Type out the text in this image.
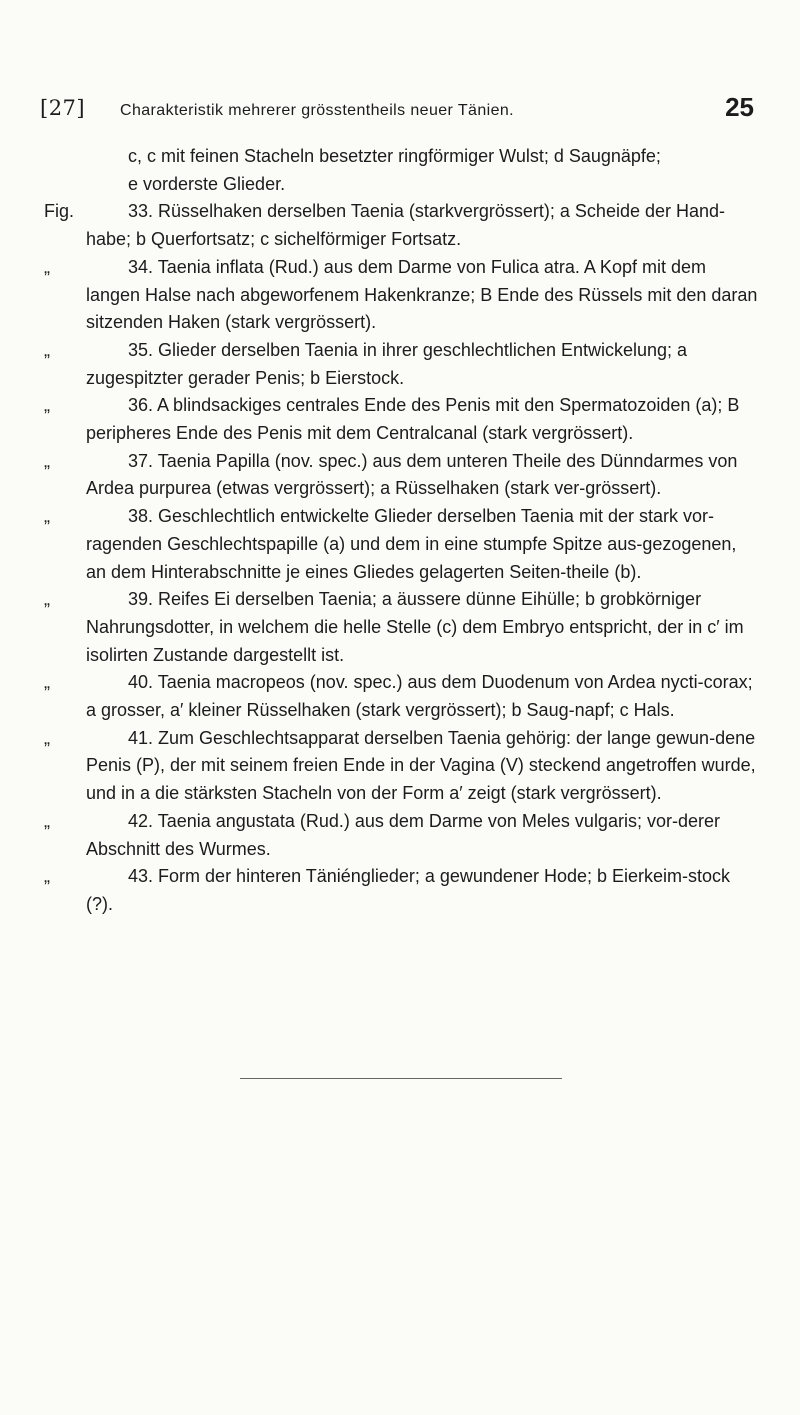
[27] Charakteristik mehrerer grösstentheils neuer Tänien.	25
c, c mit feinen Stacheln besetzter ringförmiger Wulst; d Saugnäpfe;
e vorderste Glieder.
Fig.	33. Rüsselhaken derselben Taenia (starkvergrössert); a Scheide der Hand-habe; b Querfortsatz; c sichelförmiger Fortsatz.
„	34. Taenia inflata (Rud.) aus dem Darme von Fulica atra. A Kopf mit dem langen Halse nach abgeworfenem Hakenkranze; B Ende des Rüssels mit den daran sitzenden Haken (stark vergrössert).
„	35. Glieder derselben Taenia in ihrer geschlechtlichen Entwickelung; a zugespitzter gerader Penis; b Eierstock.
„	36. A blindsackiges centrales Ende des Penis mit den Spermatozoiden (a); B peripheres Ende des Penis mit dem Centralcanal (stark vergrössert).
„	37. Taenia Papilla (nov. spec.) aus dem unteren Theile des Dünndarmes von Ardea purpurea (etwas vergrössert); a Rüsselhaken (stark ver-grössert).
„	38. Geschlechtlich entwickelte Glieder derselben Taenia mit der stark vor-ragenden Geschlechtspapille (a) und dem in eine stumpfe Spitze aus-gezogenen, an dem Hinterabschnitte je eines Gliedes gelagerten Seiten-theile (b).
„	39. Reifes Ei derselben Taenia; a äussere dünne Eihülle; b grobkörniger Nahrungsdotter, in welchem die helle Stelle (c) dem Embryo entspricht, der in c′ im isolirten Zustande dargestellt ist.
„	40. Taenia macropeos (nov. spec.) aus dem Duodenum von Ardea nycti-corax; a grosser, a′ kleiner Rüsselhaken (stark vergrössert); b Saug-napf; c Hals.
„	41. Zum Geschlechtsapparat derselben Taenia gehörig: der lange gewun-dene Penis (P), der mit seinem freien Ende in der Vagina (V) steckend angetroffen wurde, und in a die stärksten Stacheln von der Form a′ zeigt (stark vergrössert).
„	42. Taenia angustata (Rud.) aus dem Darme von Meles vulgaris; vor-derer Abschnitt des Wurmes.
„	43. Form der hinteren Täniénglieder; a gewundener Hode; b Eierkeim-stock (?).
